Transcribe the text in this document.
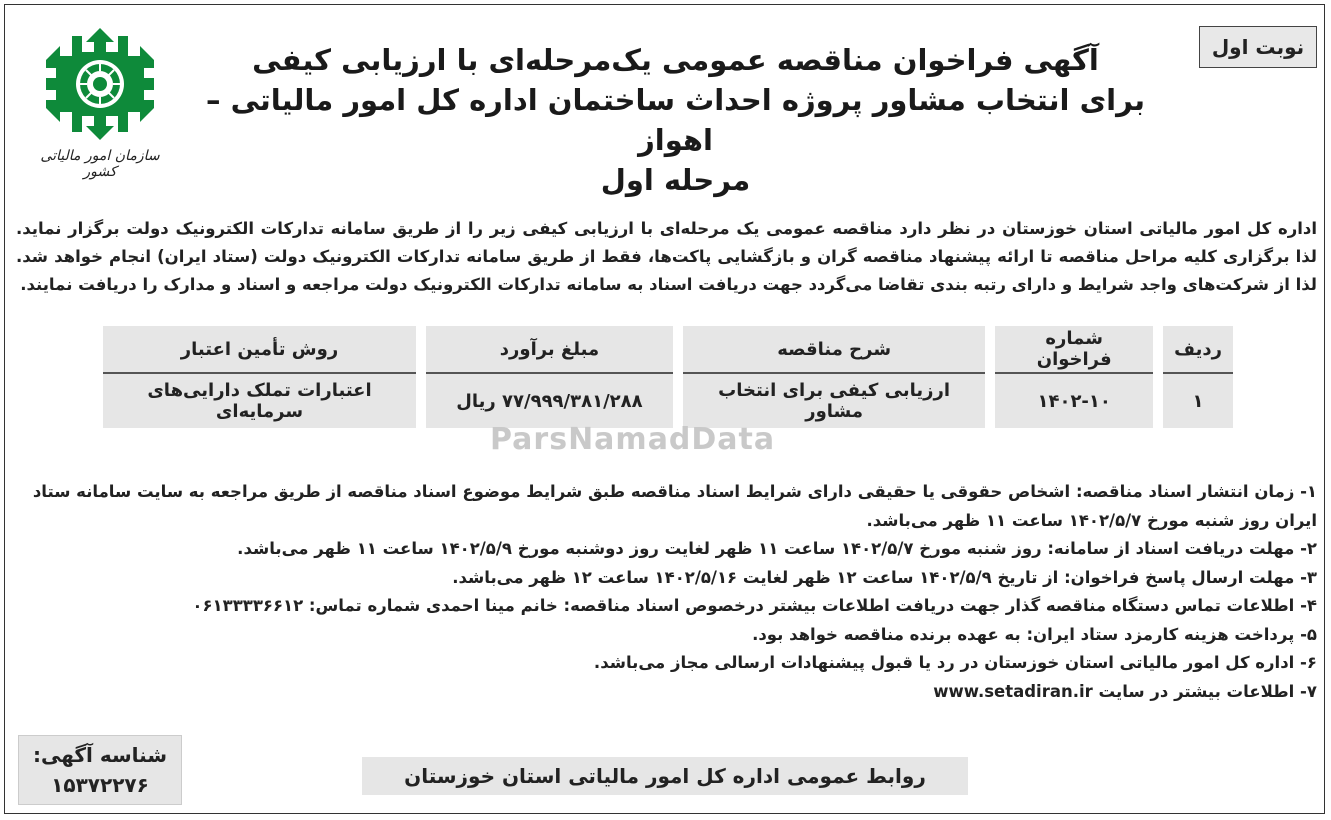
نوبت اول
سازمان امور مالیاتی کشور
آگهی فراخوان مناقصه عمومی یک‌مرحله‌ای با ارزیابی کیفی
برای انتخاب مشاور پروژه احداث ساختمان اداره کل امور مالیاتی – اهواز
مرحله اول
اداره کل امور مالیاتی استان خوزستان در نظر دارد مناقصه عمومی یک مرحله‌ای با ارزیابی کیفی زیر را از طریق سامانه تدارکات الکترونیک دولت برگزار نماید. لذا برگزاری کلیه مراحل مناقصه تا ارائه پیشنهاد مناقصه گران و بازگشایی پاکت‌ها، فقط از طریق سامانه تدارکات الکترونیک دولت (ستاد ایران) انجام خواهد شد. لذا از شرکت‌های واجد شرایط و دارای رتبه بندی تقاضا می‌گردد جهت دریافت اسناد به سامانه تدارکات الکترونیک دولت مراجعه و اسناد و مدارک را دریافت نمایند.
ردیف	شماره فراخوان	شرح مناقصه	مبلغ برآورد	روش تأمین اعتبار
۱	۱۴۰۲-۱۰	ارزیابی کیفی برای انتخاب مشاور	۷۷/۹۹۹/۳۸۱/۲۸۸ ریال	اعتبارات تملک دارایی‌های سرمایه‌ای
ParsNamadData

۱- زمان انتشار اسناد مناقصه: اشخاص حقوقی یا حقیقی دارای شرایط اسناد مناقصه طبق شرایط موضوع اسناد مناقصه از طریق مراجعه به سایت سامانه ستاد ایران روز شنبه مورخ ۱۴۰۲/۵/۷ ساعت ۱۱ ظهر می‌باشد.

۲- مهلت دریافت اسناد از سامانه: روز شنبه مورخ ۱۴۰۲/۵/۷ ساعت ۱۱ ظهر لغایت روز دوشنبه مورخ ۱۴۰۲/۵/۹ ساعت ۱۱ ظهر می‌باشد.

۳- مهلت ارسال پاسخ فراخوان: از تاریخ ۱۴۰۲/۵/۹ ساعت ۱۲ ظهر لغایت ۱۴۰۲/۵/۱۶ ساعت ۱۲ ظهر می‌باشد.

۴- اطلاعات تماس دستگاه مناقصه گذار جهت دریافت اطلاعات بیشتر درخصوص اسناد مناقصه: خانم مینا احمدی شماره تماس: ۰۶۱۳۳۳۳۶۶۱۲

۵- پرداخت هزینه کارمزد ستاد ایران: به عهده برنده مناقصه خواهد بود.

۶- اداره کل امور مالیاتی استان خوزستان در رد یا قبول پیشنهادات ارسالی مجاز می‌باشد.

۷- اطلاعات بیشتر در سایت www.setadiran.ir

شناسه آگهی:
۱۵۳۷۲۲۷۶	روابط عمومی اداره کل امور مالیاتی استان خوزستان
